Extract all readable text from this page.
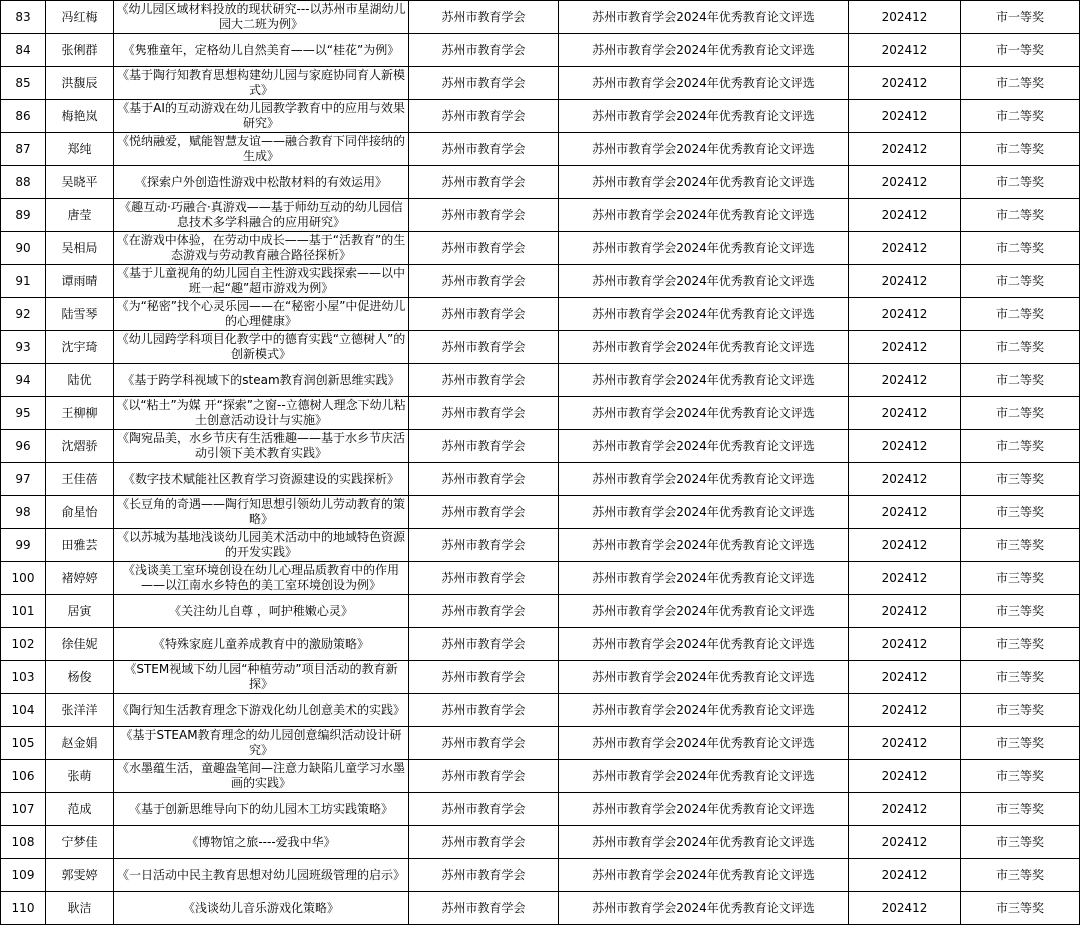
83	冯红梅	《幼儿园区域材料投放的现状研究---以苏州市星湖幼儿园大二班为例》	苏州市教育学会	苏州市教育学会2024年优秀教育论文评选	202412	市一等奖
84	张俐群	《隽雅童年，定格幼儿自然美育——以“桂花”为例》	苏州市教育学会	苏州市教育学会2024年优秀教育论文评选	202412	市一等奖
85	洪馥辰	《基于陶行知教育思想构建幼儿园与家庭协同育人新模式》	苏州市教育学会	苏州市教育学会2024年优秀教育论文评选	202412	市二等奖
86	梅艳岚	《基于AI的互动游戏在幼儿园教学教育中的应用与效果研究》	苏州市教育学会	苏州市教育学会2024年优秀教育论文评选	202412	市二等奖
87	郑纯	《悦纳融爱，赋能智慧友谊——融合教育下同伴接纳的生成》	苏州市教育学会	苏州市教育学会2024年优秀教育论文评选	202412	市二等奖
88	吴晓平	《探索户外创造性游戏中松散材料的有效运用》	苏州市教育学会	苏州市教育学会2024年优秀教育论文评选	202412	市二等奖
89	唐莹	《趣互动·巧融合·真游戏——基于师幼互动的幼儿园信息技术多学科融合的应用研究》	苏州市教育学会	苏州市教育学会2024年优秀教育论文评选	202412	市二等奖
90	吴相局	《在游戏中体验，在劳动中成长——基于“活教育”的生态游戏与劳动教育融合路径探析》	苏州市教育学会	苏州市教育学会2024年优秀教育论文评选	202412	市二等奖
91	谭雨晴	《基于儿童视角的幼儿园自主性游戏实践探索——以中班一起“趣”超市游戏为例》	苏州市教育学会	苏州市教育学会2024年优秀教育论文评选	202412	市二等奖
92	陆雪琴	《为“秘密”找个心灵乐园——在“秘密小屋”中促进幼儿的心理健康》	苏州市教育学会	苏州市教育学会2024年优秀教育论文评选	202412	市二等奖
93	沈宇琦	《幼儿园跨学科项目化教学中的德育实践“立德树人”的创新模式》	苏州市教育学会	苏州市教育学会2024年优秀教育论文评选	202412	市二等奖
94	陆优	《基于跨学科视域下的steam教育润创新思维实践》	苏州市教育学会	苏州市教育学会2024年优秀教育论文评选	202412	市二等奖
95	王柳柳	《以“粘土”为媒 开“探索”之窗--立德树人理念下幼儿粘土创意活动设计与实施》	苏州市教育学会	苏州市教育学会2024年优秀教育论文评选	202412	市二等奖
96	沈熠骄	《陶宛品美，水乡节庆有生活雅趣——基于水乡节庆活动引领下美术教育实践》	苏州市教育学会	苏州市教育学会2024年优秀教育论文评选	202412	市二等奖
97	王佳蓓	《数字技术赋能社区教育学习资源建设的实践探析》	苏州市教育学会	苏州市教育学会2024年优秀教育论文评选	202412	市三等奖
98	俞星怡	《长豆角的奇遇——陶行知思想引领幼儿劳动教育的策略》	苏州市教育学会	苏州市教育学会2024年优秀教育论文评选	202412	市三等奖
99	田雅芸	《以苏城为基地浅谈幼儿园美术活动中的地域特色资源的开发实践》	苏州市教育学会	苏州市教育学会2024年优秀教育论文评选	202412	市三等奖
100	褚婷婷	《浅谈美工室环境创设在幼儿心理品质教育中的作用——以江南水乡特色的美工室环境创设为例》	苏州市教育学会	苏州市教育学会2024年优秀教育论文评选	202412	市三等奖
101	居寅	《关注幼儿自尊 ，呵护稚嫩心灵》	苏州市教育学会	苏州市教育学会2024年优秀教育论文评选	202412	市三等奖
102	徐佳妮	《特殊家庭儿童养成教育中的激励策略》	苏州市教育学会	苏州市教育学会2024年优秀教育论文评选	202412	市三等奖
103	杨俊	《STEM视域下幼儿园“种植劳动”项目活动的教育新探》	苏州市教育学会	苏州市教育学会2024年优秀教育论文评选	202412	市三等奖
104	张洋洋	《陶行知生活教育理念下游戏化幼儿创意美术的实践》	苏州市教育学会	苏州市教育学会2024年优秀教育论文评选	202412	市三等奖
105	赵金娟	《基于STEAM教育理念的幼儿园创意编织活动设计研究》	苏州市教育学会	苏州市教育学会2024年优秀教育论文评选	202412	市三等奖
106	张萌	《水墨蕴生活，童趣盎笔间—注意力缺陷儿童学习水墨画的实践》	苏州市教育学会	苏州市教育学会2024年优秀教育论文评选	202412	市三等奖
107	范成	《基于创新思维导向下的幼儿园木工坊实践策略》	苏州市教育学会	苏州市教育学会2024年优秀教育论文评选	202412	市三等奖
108	宁梦佳	《博物馆之旅----爱我中华》	苏州市教育学会	苏州市教育学会2024年优秀教育论文评选	202412	市三等奖
109	郭雯婷	《一日活动中民主教育思想对幼儿园班级管理的启示》	苏州市教育学会	苏州市教育学会2024年优秀教育论文评选	202412	市三等奖
110	耿洁	《浅谈幼儿音乐游戏化策略》	苏州市教育学会	苏州市教育学会2024年优秀教育论文评选	202412	市三等奖
